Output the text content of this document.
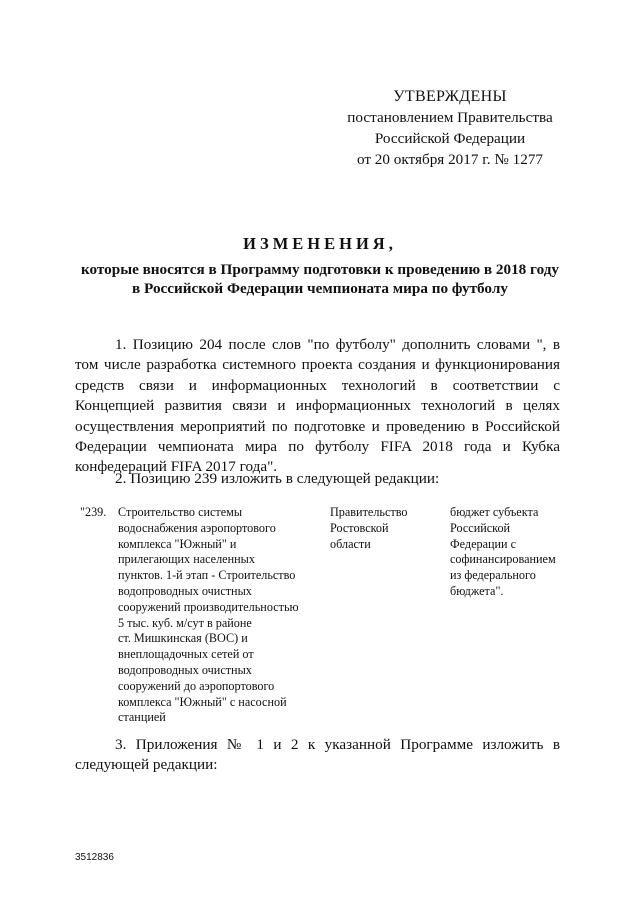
УТВЕРЖДЕНЫ
постановлением Правительства
Российской Федерации
от 20 октября 2017 г. № 1277
ИЗМЕНЕНИЯ,
которые вносятся в Программу подготовки к проведению в 2018 году
в Российской Федерации чемпионата мира по футболу
1. Позицию 204 после слов "по футболу" дополнить словами ", в том числе разработка системного проекта создания и функционирования средств связи и информационных технологий в соответствии с Концепцией развития связи и информационных технологий в целях осуществления мероприятий по подготовке и проведению в Российской Федерации чемпионата мира по футболу FIFA 2018 года и Кубка конфедераций FIFA 2017 года".
2. Позицию 239 изложить в следующей редакции:
"239. Строительство системы
водоснабжения аэропортового
комплекса "Южный" и
прилегающих населенных
пунктов. 1-й этап - Строительство
водопроводных очистных
сооружений производительностью
5 тыс. куб. м/сут в районе
ст. Мишкинская (ВОС) и
внеплощадочных сетей от
водопроводных очистных
сооружений до аэропортового
комплекса "Южный" с насосной
станцией
Правительство
Ростовской
области
бюджет субъекта
Российской
Федерации с
софинансированием
из федерального
бюджета".
3. Приложения № 1 и 2 к указанной Программе изложить в следующей редакции:
3512836
